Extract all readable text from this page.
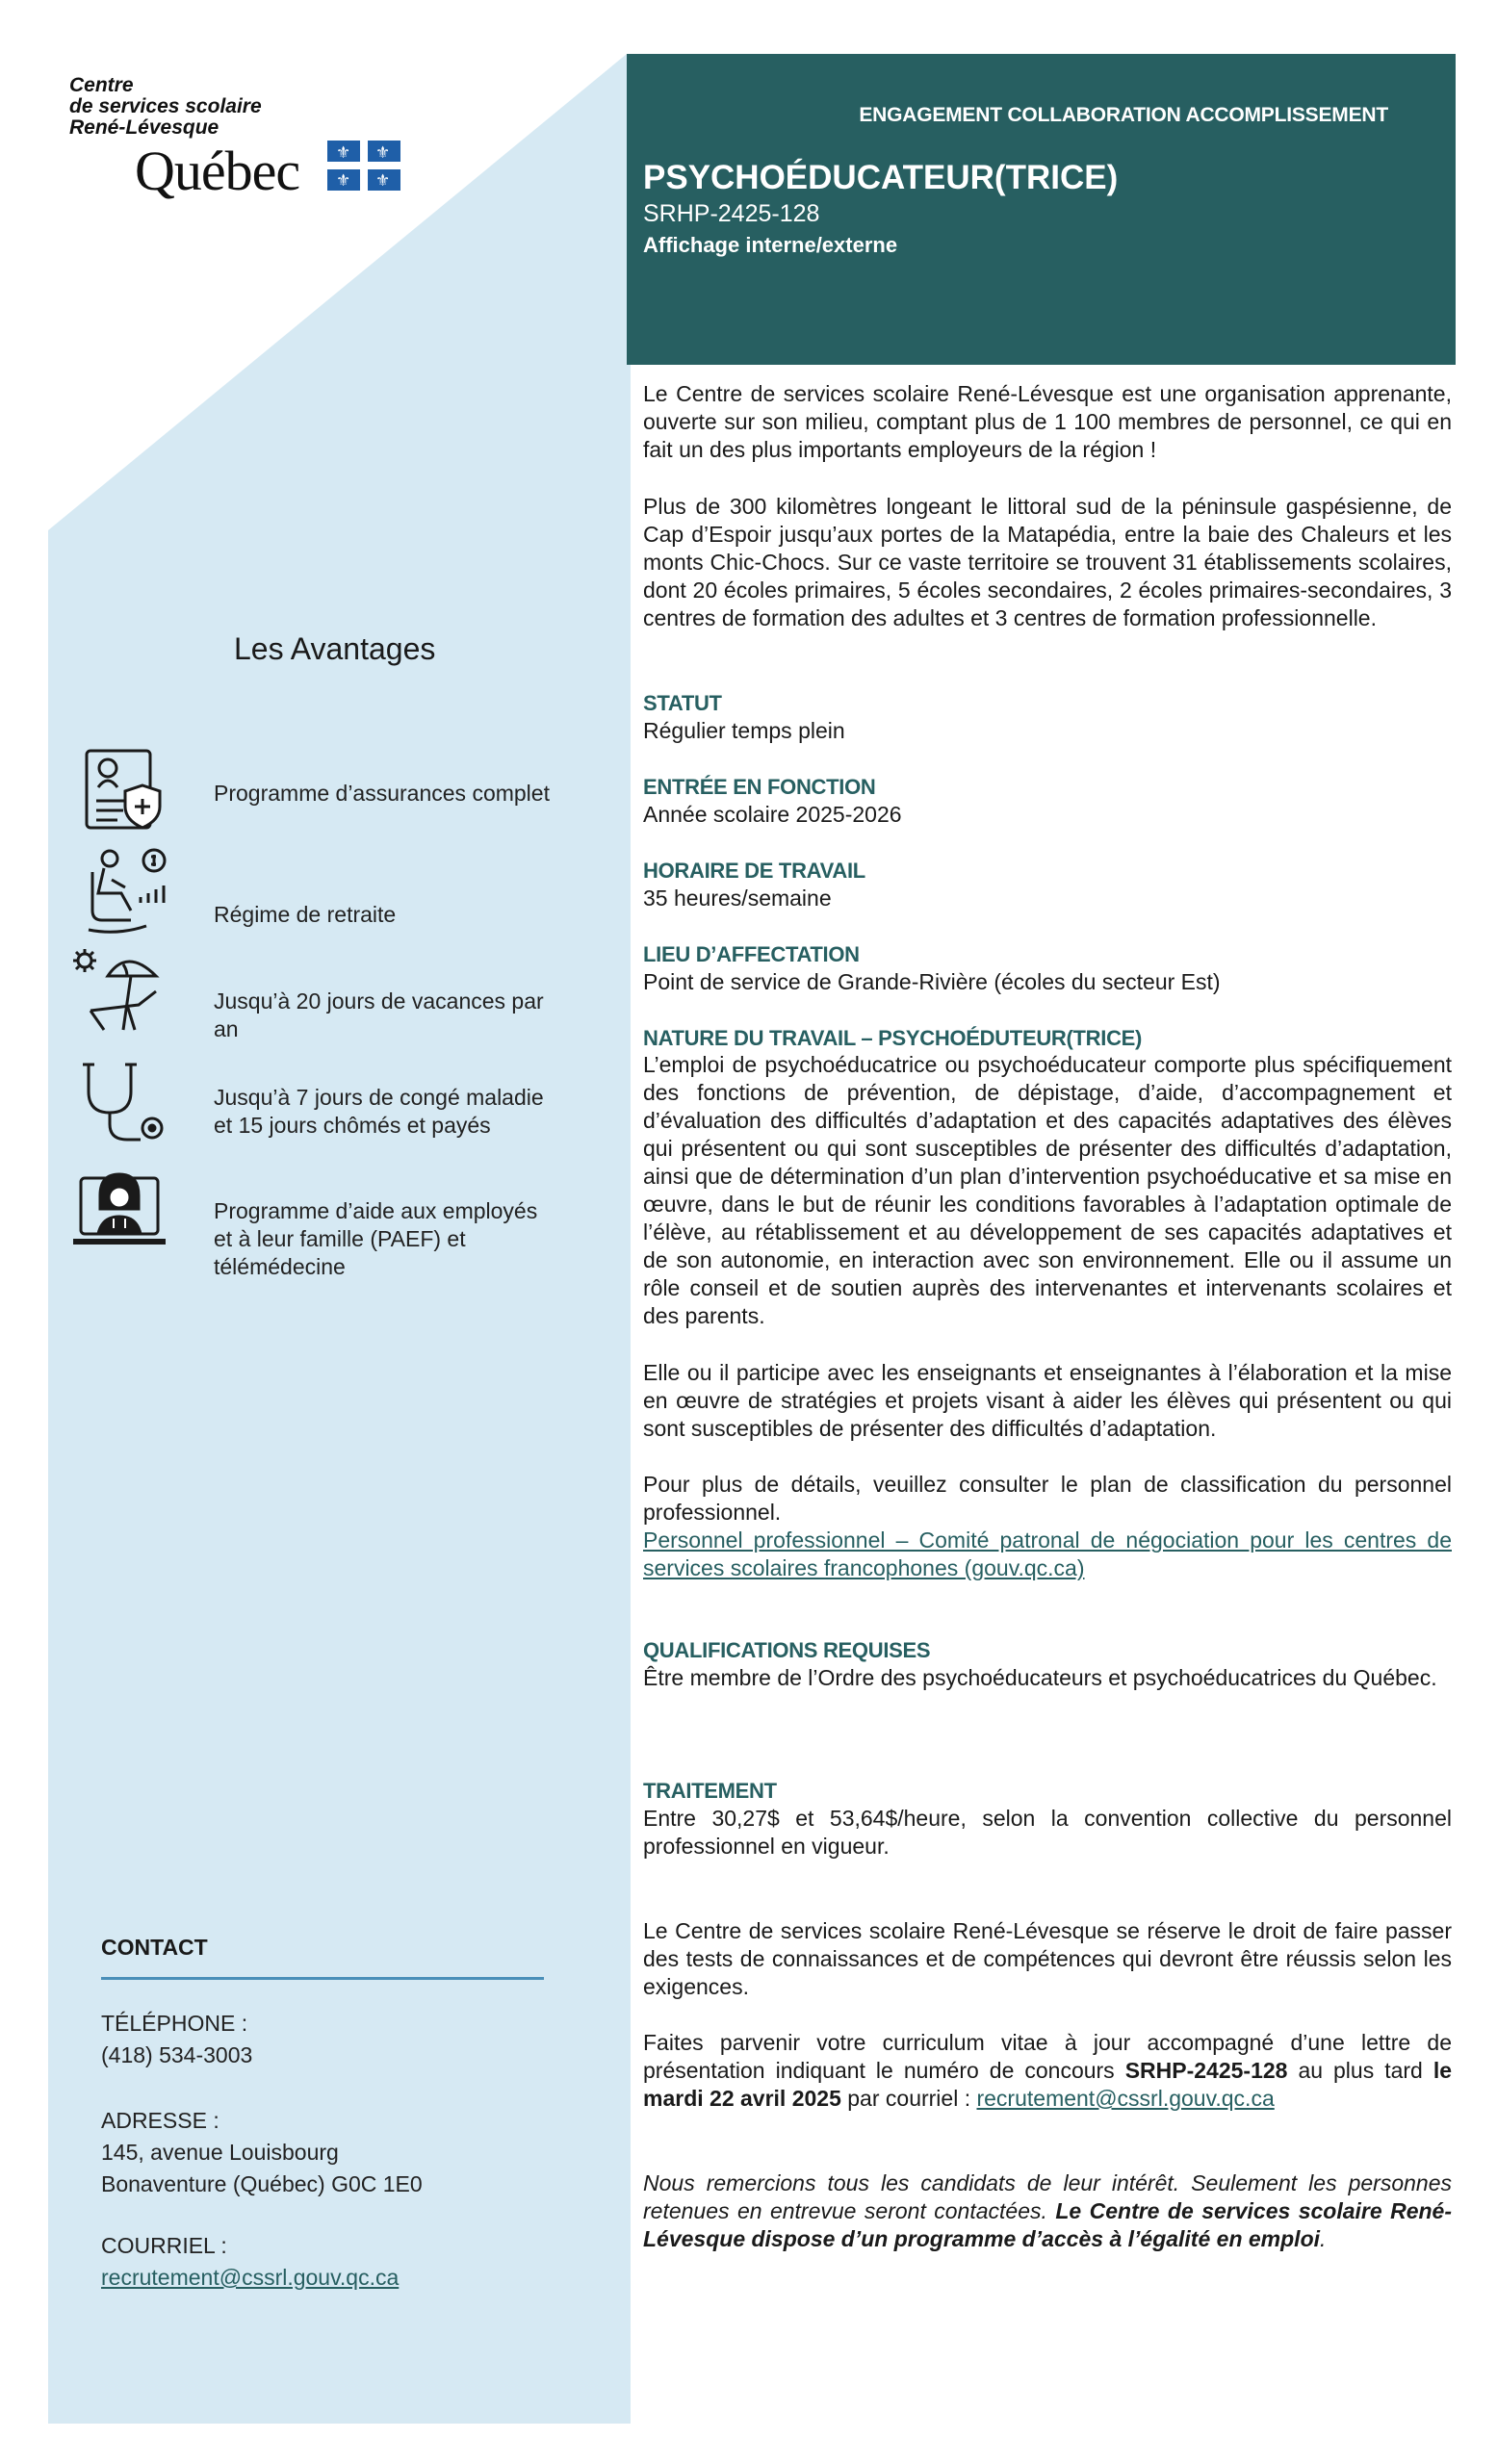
Centre
de services scolaire
René-Lévesque
Québec ⚜ ⚜
⚜ ⚜
ENGAGEMENT COLLABORATION ACCOMPLISSEMENT
PSYCHOÉDUCATEUR(TRICE)
SRHP-2425-128
Affichage interne/externe
Le Centre de services scolaire René-Lévesque est une organisation apprenante, ouverte sur son milieu, comptant plus de 1 100 membres de personnel, ce qui en fait un des plus importants employeurs de la région !
Plus de 300 kilomètres longeant le littoral sud de la péninsule gaspésienne, de Cap d’Espoir jusqu’aux portes de la Matapédia, entre la baie des Chaleurs et les monts Chic-Chocs. Sur ce vaste territoire se trouvent 31 établissements scolaires, dont 20 écoles primaires, 5 écoles secondaires, 2 écoles primaires-secondaires, 3 centres de formation des adultes et 3 centres de formation professionnelle.
STATUT
Régulier temps plein
ENTRÉE EN FONCTION
Année scolaire 2025-2026
HORAIRE DE TRAVAIL
35 heures/semaine
LIEU D’AFFECTATION
Point de service de Grande-Rivière (écoles du secteur Est)
NATURE DU TRAVAIL – PSYCHOÉDUTEUR(TRICE)
L’emploi de psychoéducatrice ou psychoéducateur comporte plus spécifiquement des fonctions de prévention, de dépistage, d’aide, d’accompagnement et d’évaluation des difficultés d’adaptation et des capacités adaptatives des élèves qui présentent ou qui sont susceptibles de présenter des difficultés d’adaptation, ainsi que de détermination d’un plan d’intervention psychoéducative et sa mise en œuvre, dans le but de réunir les conditions favorables à l’adaptation optimale de l’élève, au rétablissement et au développement de ses capacités adaptatives et de son autonomie, en interaction avec son environnement. Elle ou il assume un rôle conseil et de soutien auprès des intervenantes et intervenants scolaires et des parents.
Elle ou il participe avec les enseignants et enseignantes à l’élaboration et la mise en œuvre de stratégies et projets visant à aider les élèves qui présentent ou qui sont susceptibles de présenter des difficultés d’adaptation.
Pour plus de détails, veuillez consulter le plan de classification du personnel professionnel.
Personnel professionnel – Comité patronal de négociation pour les centres de services scolaires francophones (gouv.qc.ca)
QUALIFICATIONS REQUISES
Être membre de l’Ordre des psychoéducateurs et psychoéducatrices du Québec.
TRAITEMENT
Entre 30,27$ et 53,64$/heure, selon la convention collective du personnel professionnel en vigueur.
Le Centre de services scolaire René-Lévesque se réserve le droit de faire passer des tests de connaissances et de compétences qui devront être réussis selon les exigences.
Faites parvenir votre curriculum vitae à jour accompagné d’une lettre de présentation indiquant le numéro de concours SRHP-2425-128 au plus tard le mardi 22 avril 2025 par courriel : recrutement@cssrl.gouv.qc.ca
Nous remercions tous les candidats de leur intérêt. Seulement les personnes retenues en entrevue seront contactées. Le Centre de services scolaire René-Lévesque dispose d’un programme d’accès à l’égalité en emploi.
Les Avantages
Programme d’assurances complet
Régime de retraite
Jusqu’à 20 jours de vacances par an
Jusqu’à 7 jours de congé maladie et 15 jours chômés et payés
Programme d’aide aux employés et à leur famille (PAEF) et télémédecine
CONTACT
TÉLÉPHONE :
(418) 534-3003
ADRESSE :
145, avenue Louisbourg
Bonaventure (Québec) G0C 1E0
COURRIEL :
recrutement@cssrl.gouv.qc.ca
